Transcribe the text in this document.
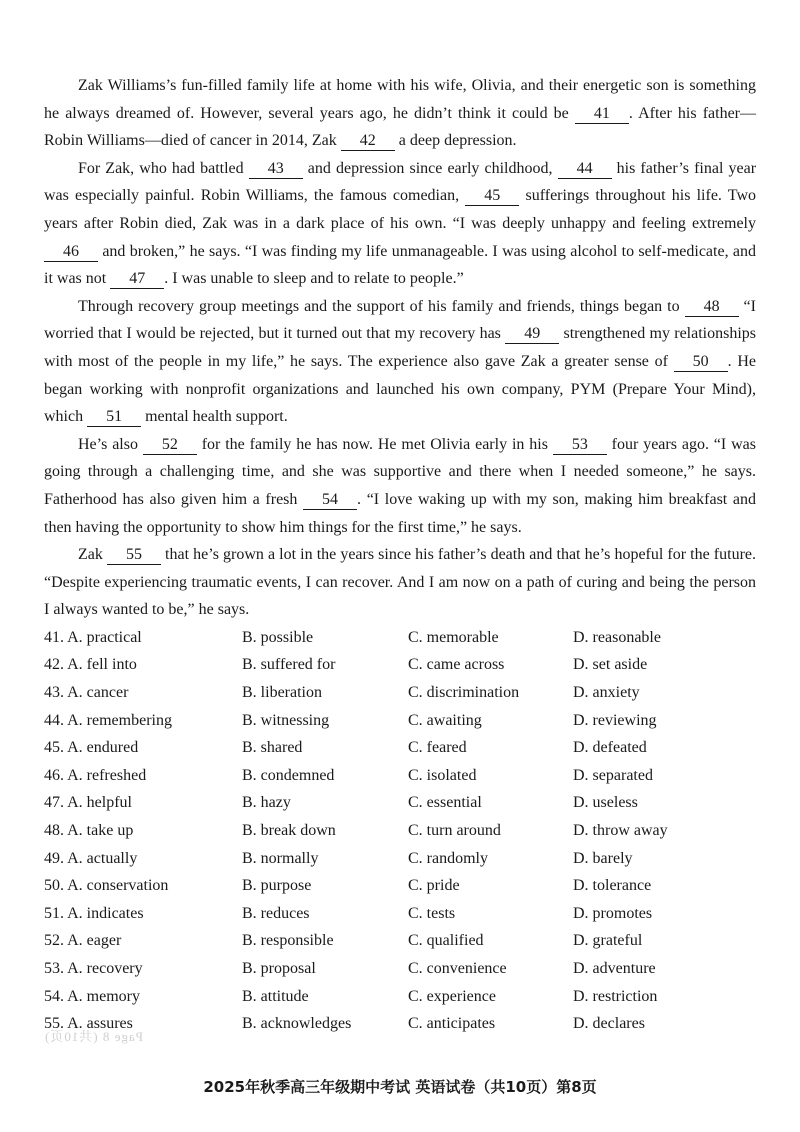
Zak Williams’s fun-filled family life at home with his wife, Olivia, and their energetic son is something he always dreamed of. However, several years ago, he didn’t think it could be 41 . After his father—Robin Williams—died of cancer in 2014, Zak 42 a deep depression.

For Zak, who had battled 43 and depression since early childhood, 44 his father’s final year was especially painful. Robin Williams, the famous comedian, 45 sufferings throughout his life. Two years after Robin died, Zak was in a dark place of his own. “I was deeply unhappy and feeling extremely 46 and broken,” he says. “I was finding my life unmanageable. I was using alcohol to self-medicate, and it was not 47 . I was unable to sleep and to relate to people.”

Through recovery group meetings and the support of his family and friends, things began to 48 “I worried that I would be rejected, but it turned out that my recovery has 49 strengthened my relationships with most of the people in my life,” he says. The experience also gave Zak a greater sense of 50 . He began working with nonprofit organizations and launched his own company, PYM (Prepare Your Mind), which 51 mental health support.

He’s also 52 for the family he has now. He met Olivia early in his 53 four years ago. “I was going through a challenging time, and she was supportive and there when I needed someone,” he says. Fatherhood has also given him a fresh 54 . “I love waking up with my son, making him breakfast and then having the opportunity to show him things for the first time,” he says.

Zak 55 that he’s grown a lot in the years since his father’s death and that he’s hopeful for the future. “Despite experiencing traumatic events, I can recover. And I am now on a path of curing and being the person I always wanted to be,” he says.

41. A. practical	B. possible	C. memorable	D. reasonable
42. A. fell into	B. suffered for	C. came across	D. set aside
43. A. cancer	B. liberation	C. discrimination	D. anxiety
44. A. remembering	B. witnessing	C. awaiting	D. reviewing
45. A. endured	B. shared	C. feared	D. defeated
46. A. refreshed	B. condemned	C. isolated	D. separated
47. A. helpful	B. hazy	C. essential	D. useless
48. A. take up	B. break down	C. turn around	D. throw away
49. A. actually	B. normally	C. randomly	D. barely
50. A. conservation	B. purpose	C. pride	D. tolerance
51. A. indicates	B. reduces	C. tests	D. promotes
52. A. eager	B. responsible	C. qualified	D. grateful
53. A. recovery	B. proposal	C. convenience	D. adventure
54. A. memory	B. attitude	C. experience	D. restriction
55. A. assures	B. acknowledges	C. anticipates	D. declares
Page 8 (共10页)
2025年秋季高三年级期中考试 英语试卷（共10页）第8页
